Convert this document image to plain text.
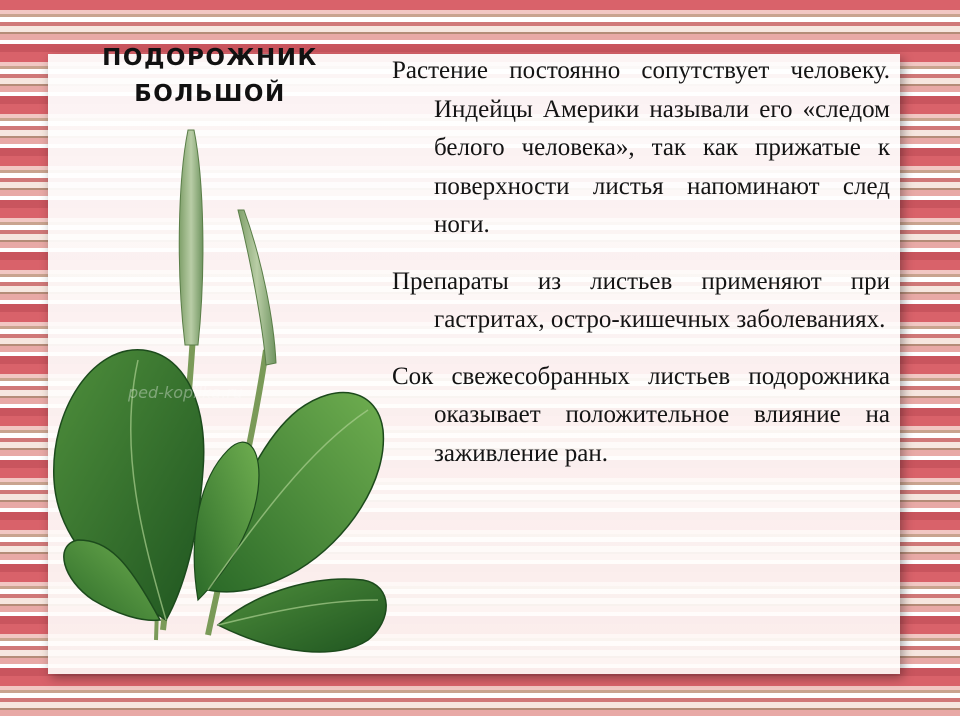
ПОДОРОЖНИК
БОЛЬШОЙ
ped-kopilka.ru

Растение постоянно сопутствует человеку. Индейцы Америки называли его «следом белого человека», так как прижатые к поверхности листья напоминают след ноги.

Препараты из листьев применяют при гастритах, остро-кишечных заболеваниях.

Сок свежесобранных листьев подорожника оказывает положительное влияние на заживление ран.
